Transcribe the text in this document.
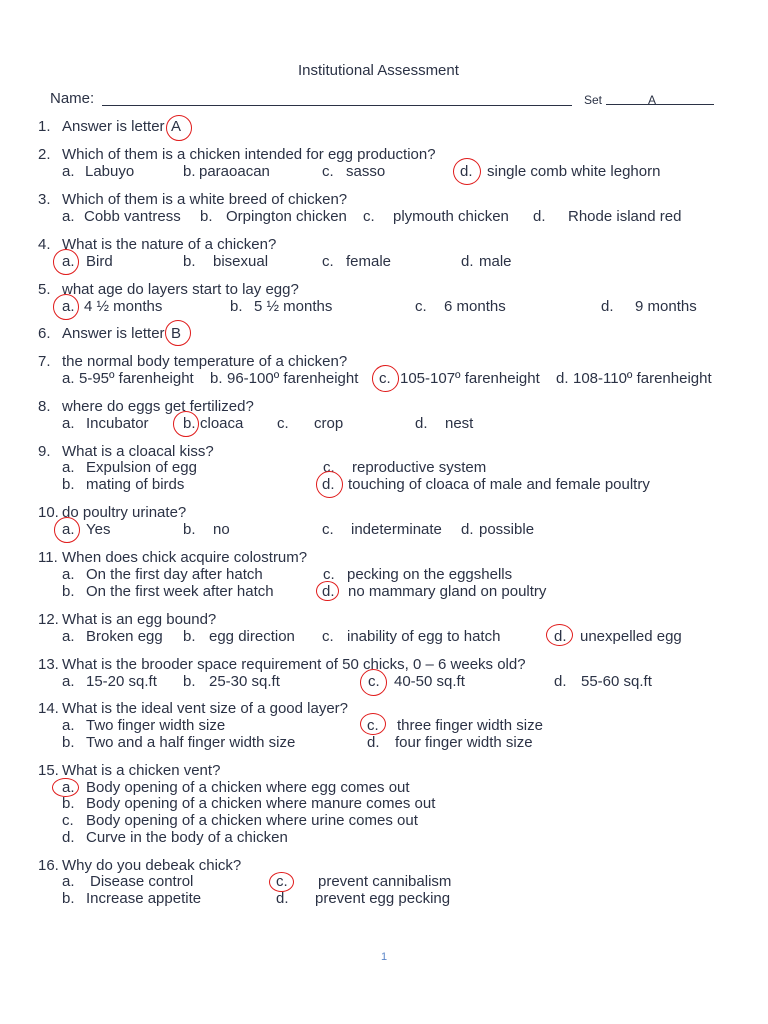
Institutional Assessment
Name:	Set	A
1. Answer is letter A
2. Which of them is a chicken intended for egg production?
a. Labuyo	b. paraoacan	c. sasso	d. single comb white leghorn
3. Which of them is a white breed of chicken?
a. Cobb vantress b. Orpington chicken c. plymouth chicken d. Rhode island red
4. What is the nature of a chicken?
a. Bird	b. bisexual	c. female	d. male
5. what age do layers start to lay egg?
a. 4 ½ months	b. 5 ½ months	c. 6 months	d. 9 months
6. Answer is letter B
7. the normal body temperature of a chicken?
a. 5-95º farenheight b. 96-100º farenheight c. 105-107º farenheight d. 108-110º farenheight
8. where do eggs get fertilized?
a. Incubator b. cloaca c. crop	d. nest
9. What is a cloacal kiss?
a. Expulsion of egg	c. reproductive system
b. mating of birds	d. touching of cloaca of male and female poultry
10. do poultry urinate?
a. Yes	b. no	c. indeterminate d. possible
11. When does chick acquire colostrum?
a. On the first day after hatch	c. pecking on the eggshells
b. On the first week after hatch	d. no mammary gland on poultry
12. What is an egg bound?
a. Broken egg b. egg direction c. inability of egg to hatch	d. unexpelled egg
13. What is the brooder space requirement of 50 chicks, 0 – 6 weeks old?
a. 15-20 sq.ft b. 25-30 sq.ft	c. 40-50 sq.ft	d. 55-60 sq.ft
14. What is the ideal vent size of a good layer?
a. Two finger width size	c. three finger width size
b. Two and a half finger width size	d. four finger width size
15. What is a chicken vent?
a. Body opening of a chicken where egg comes out
b. Body opening of a chicken where manure comes out
c. Body opening of a chicken where urine comes out
d. Curve in the body of a chicken
16. Why do you debeak chick?
a. Disease control	c. prevent cannibalism
b. Increase appetite	d. prevent egg pecking
1
